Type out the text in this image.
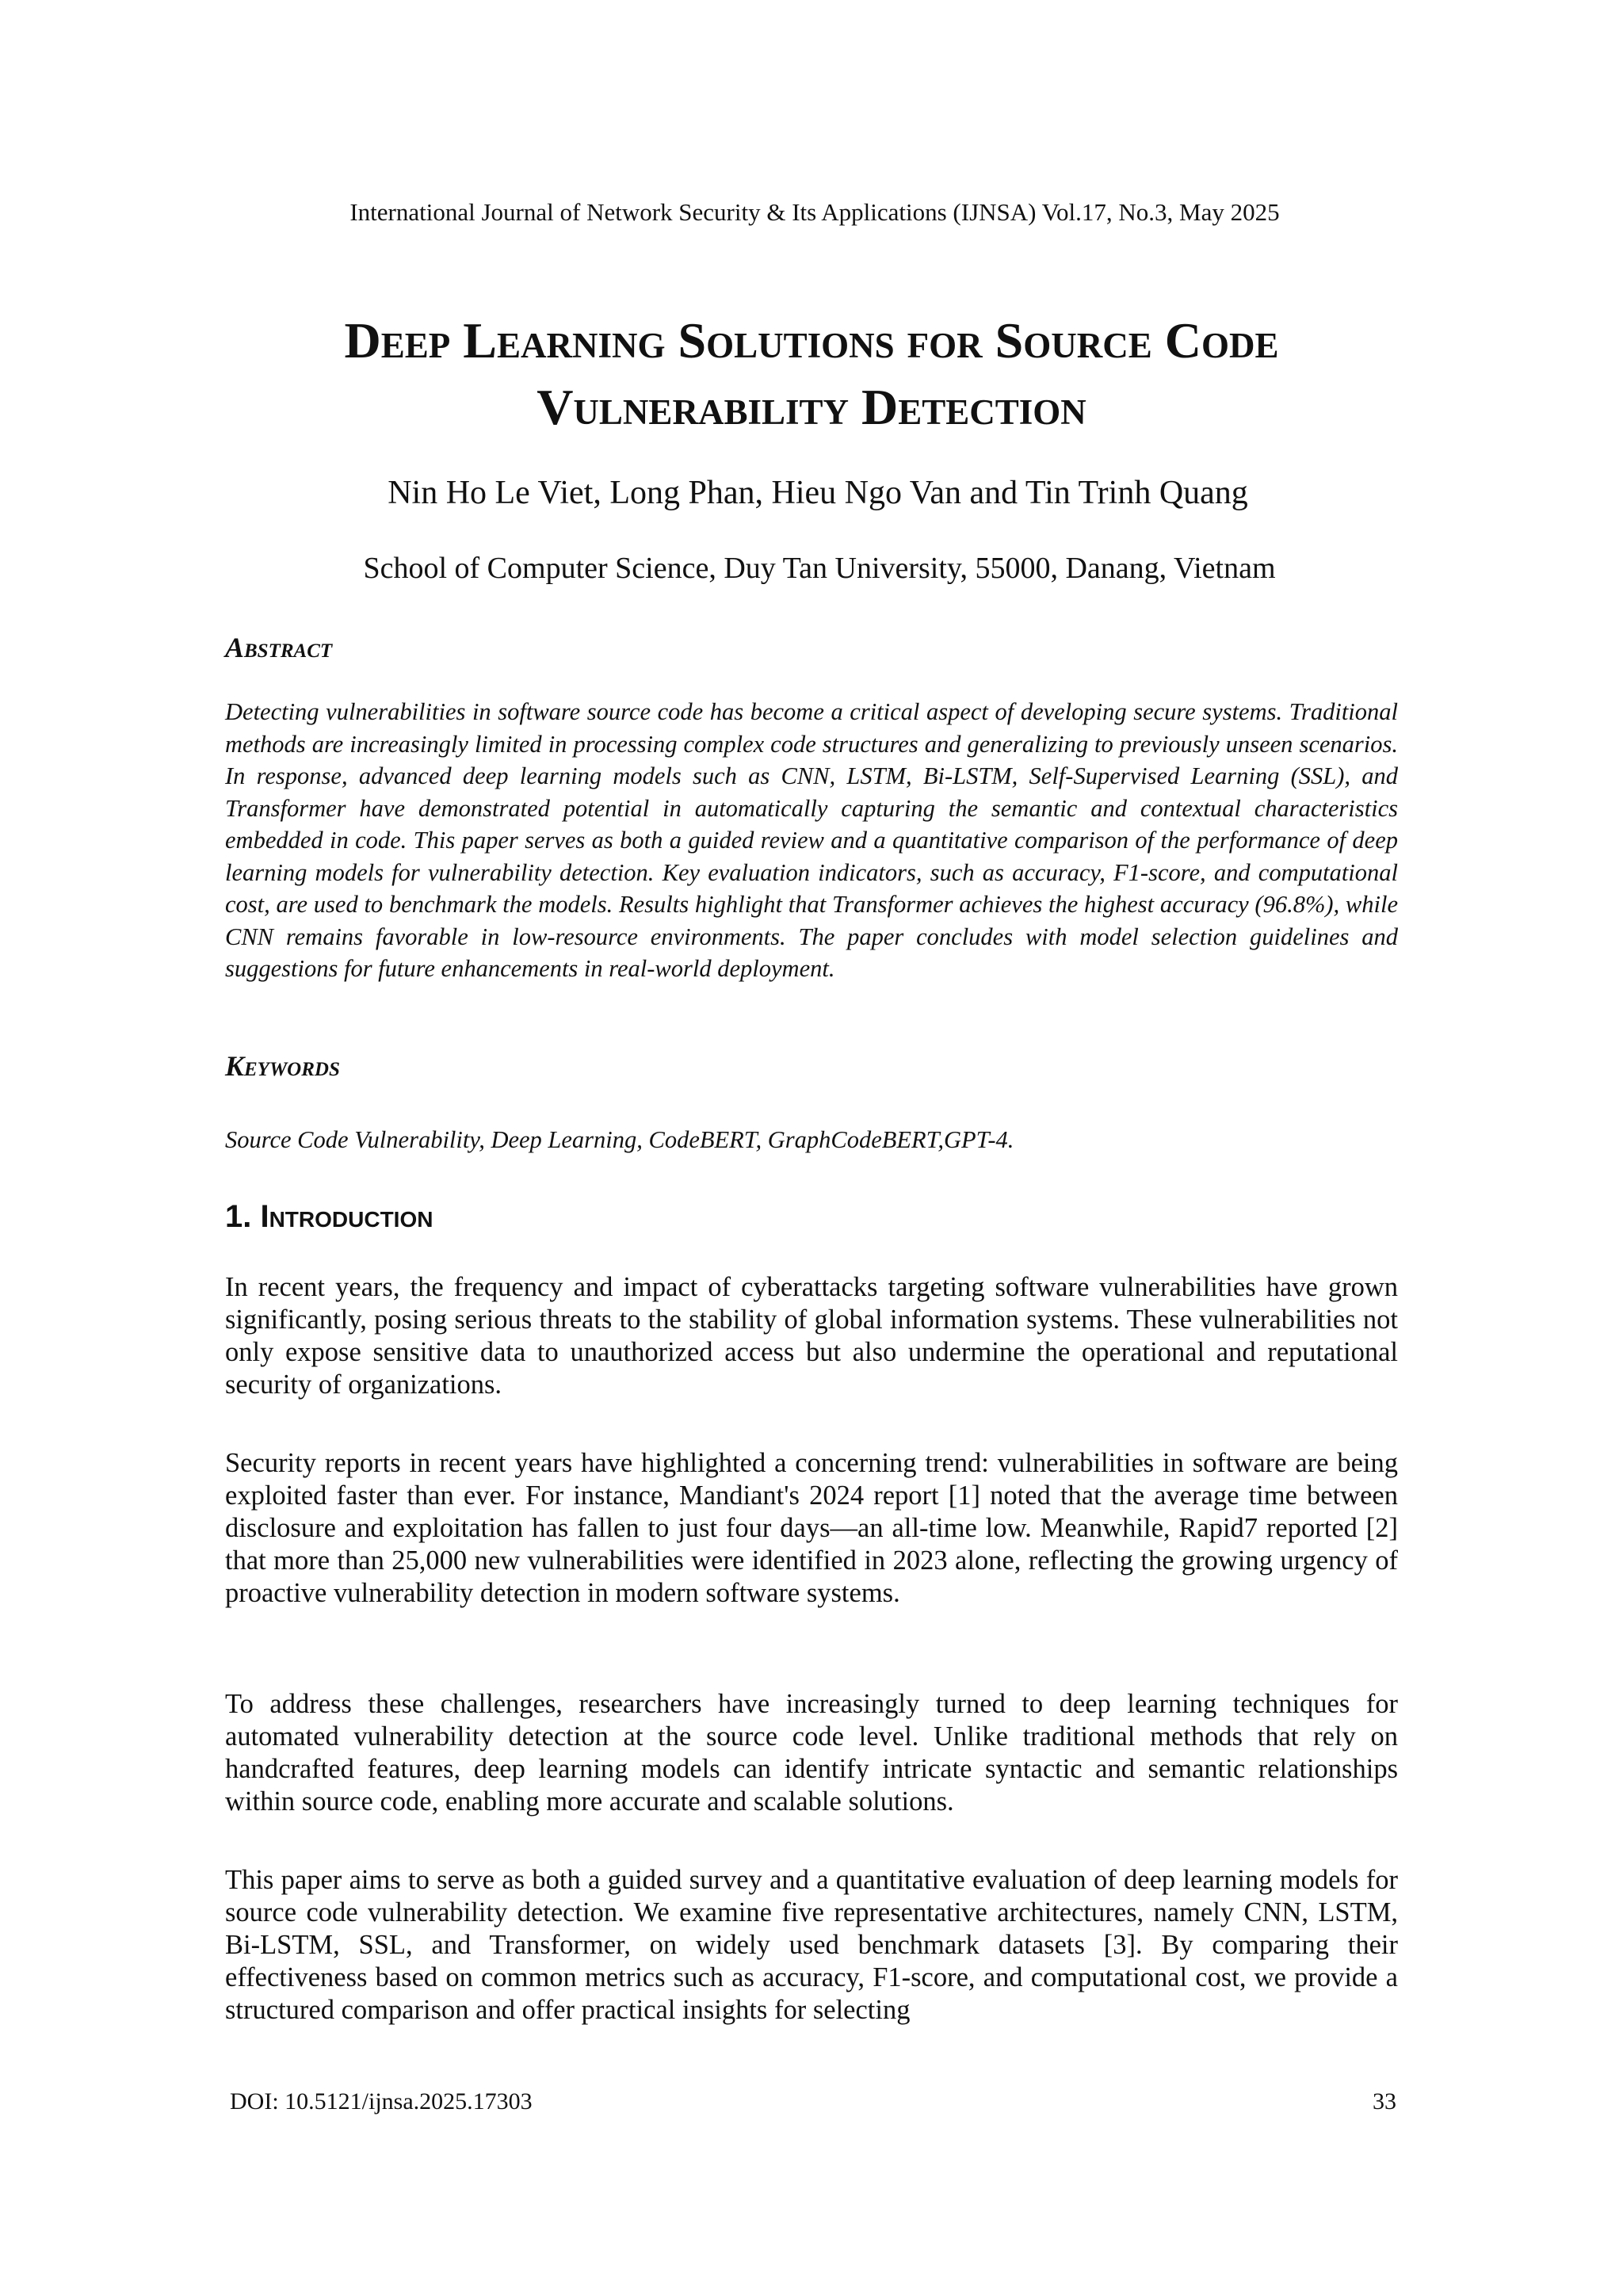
International Journal of Network Security & Its Applications (IJNSA) Vol.17, No.3, May 2025
Deep Learning Solutions for Source Code
Vulnerability Detection
Nin Ho Le Viet, Long Phan, Hieu Ngo Van and Tin Trinh Quang
School of Computer Science, Duy Tan University, 55000, Danang, Vietnam
Abstract

Detecting vulnerabilities in software source code has become a critical aspect of developing secure systems. Traditional methods are increasingly limited in processing complex code structures and generalizing to previously unseen scenarios. In response, advanced deep learning models such as CNN, LSTM, Bi-LSTM, Self-Supervised Learning (SSL), and Transformer have demonstrated potential in automatically capturing the semantic and contextual characteristics embedded in code. This paper serves as both a guided review and a quantitative comparison of the performance of deep learning models for vulnerability detection. Key evaluation indicators, such as accuracy, F1-score, and computational cost, are used to benchmark the models. Results highlight that Transformer achieves the highest accuracy (96.8%), while CNN remains favorable in low-resource environments. The paper concludes with model selection guidelines and suggestions for future enhancements in real-world deployment.

Keywords

Source Code Vulnerability, Deep Learning, CodeBERT, GraphCodeBERT,GPT-4.

1. Introduction

In recent years, the frequency and impact of cyberattacks targeting software vulnerabilities have grown significantly, posing serious threats to the stability of global information systems. These vulnerabilities not only expose sensitive data to unauthorized access but also undermine the operational and reputational security of organizations.

Security reports in recent years have highlighted a concerning trend: vulnerabilities in software are being exploited faster than ever. For instance, Mandiant's 2024 report [1] noted that the average time between disclosure and exploitation has fallen to just four days—an all-time low. Meanwhile, Rapid7 reported [2] that more than 25,000 new vulnerabilities were identified in 2023 alone, reflecting the growing urgency of proactive vulnerability detection in modern software systems.

To address these challenges, researchers have increasingly turned to deep learning techniques for automated vulnerability detection at the source code level. Unlike traditional methods that rely on handcrafted features, deep learning models can identify intricate syntactic and semantic relationships within source code, enabling more accurate and scalable solutions.

This paper aims to serve as both a guided survey and a quantitative evaluation of deep learning models for source code vulnerability detection. We examine five representative architectures, namely CNN, LSTM, Bi-LSTM, SSL, and Transformer, on widely used benchmark datasets [3]. By comparing their effectiveness based on common metrics such as accuracy, F1-score, and computational cost, we provide a structured comparison and offer practical insights for selecting

DOI: 10.5121/ijnsa.2025.17303	33
